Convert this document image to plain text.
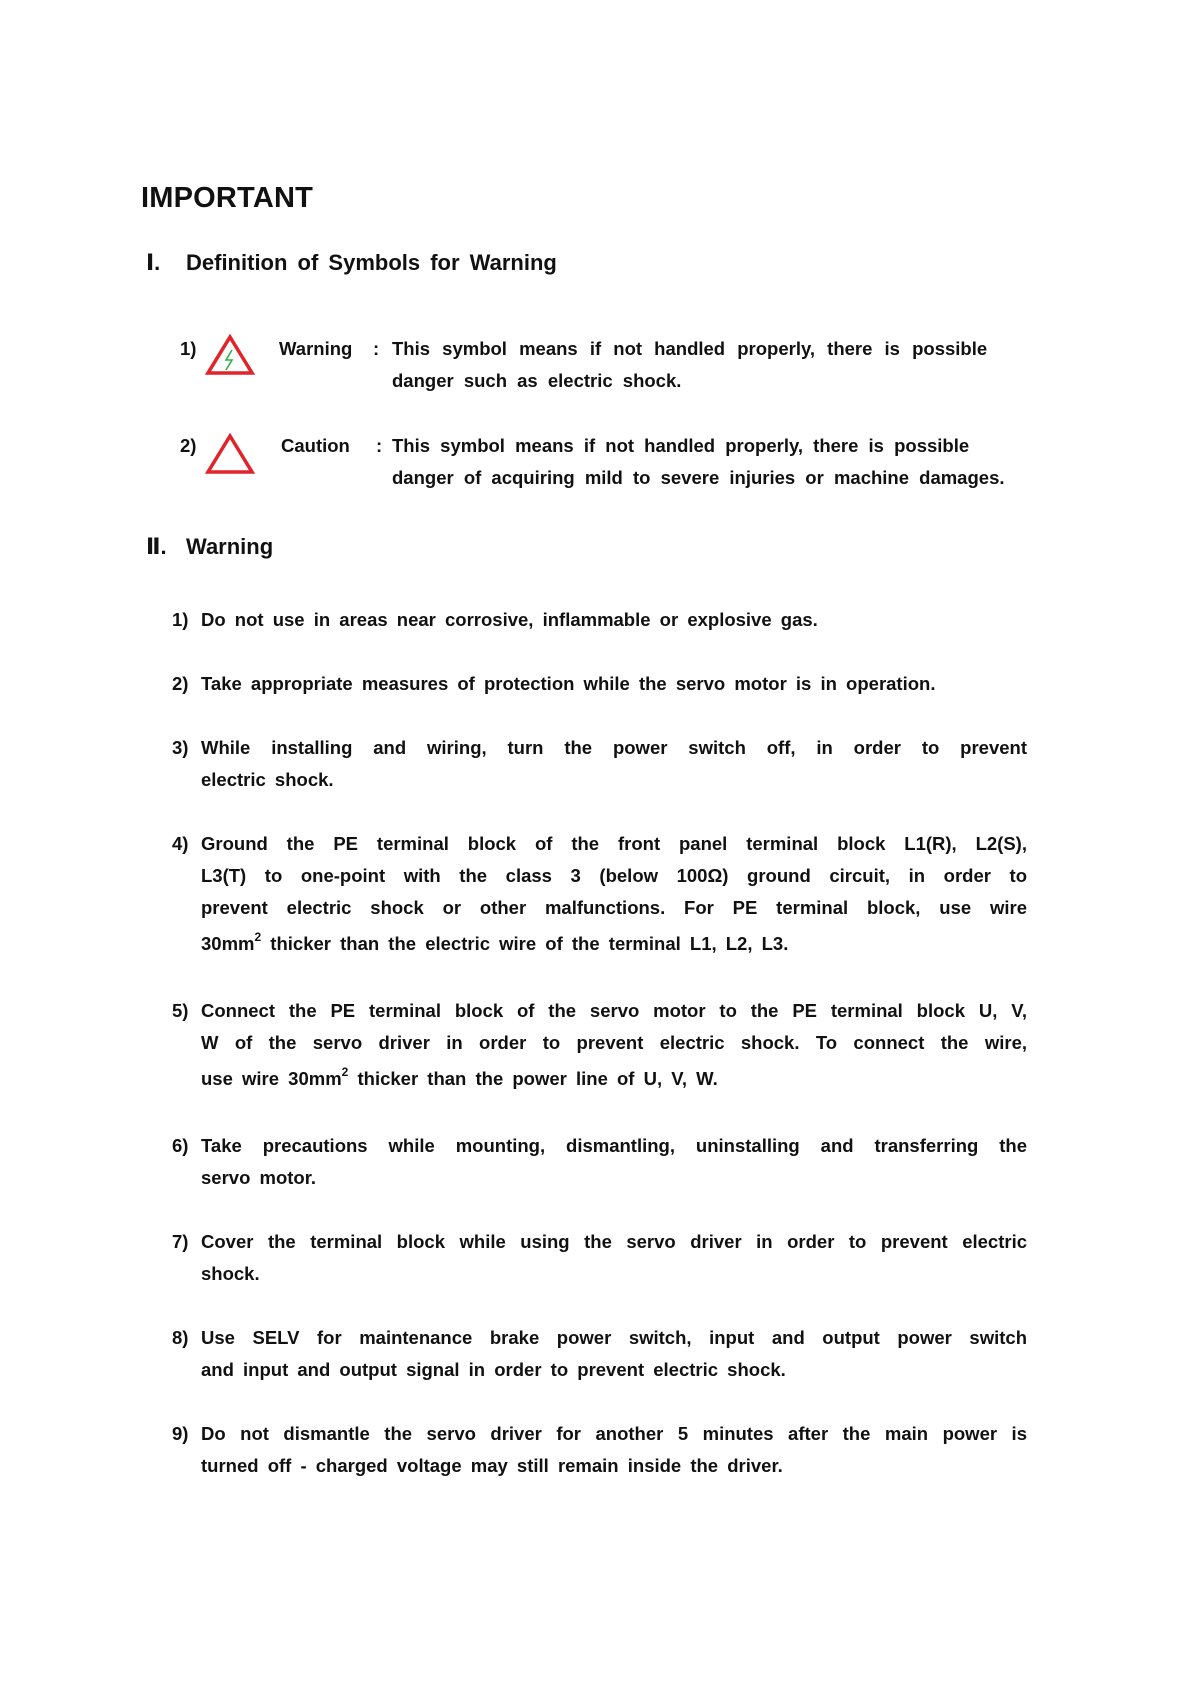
IMPORTANT
Ⅰ. Definition of Symbols for Warning
1)	Warning : This symbol means if not handled properly, there is possible
danger such as electric shock.
2)	Caution : This symbol means if not handled properly, there is possible
danger of acquiring mild to severe injuries or machine damages.
Ⅱ. Warning
1) Do not use in areas near corrosive, inflammable or explosive gas.
2) Take appropriate measures of protection while the servo motor is in operation.
3) While installing and wiring, turn the power switch off, in order to prevent
electric shock.
4) Ground the PE terminal block of the front panel terminal block L1(R), L2(S),
L3(T) to one-point with the class 3 (below 100Ω) ground circuit, in order to
prevent electric shock or other malfunctions. For PE terminal block, use wire
$30mm^2$ thicker than the electric wire of the terminal L1, L2, L3.
5) Connect the PE terminal block of the servo motor to the PE terminal block U, V,
W of the servo driver in order to prevent electric shock. To connect the wire,
use wire $30mm^2$ thicker than the power line of U, V, W.
6) Take precautions while mounting, dismantling, uninstalling and transferring the
servo motor.
7) Cover the terminal block while using the servo driver in order to prevent electric
shock.
8) Use SELV for maintenance brake power switch, input and output power switch
and input and output signal in order to prevent electric shock.
9) Do not dismantle the servo driver for another 5 minutes after the main power is
turned off - charged voltage may still remain inside the driver.
